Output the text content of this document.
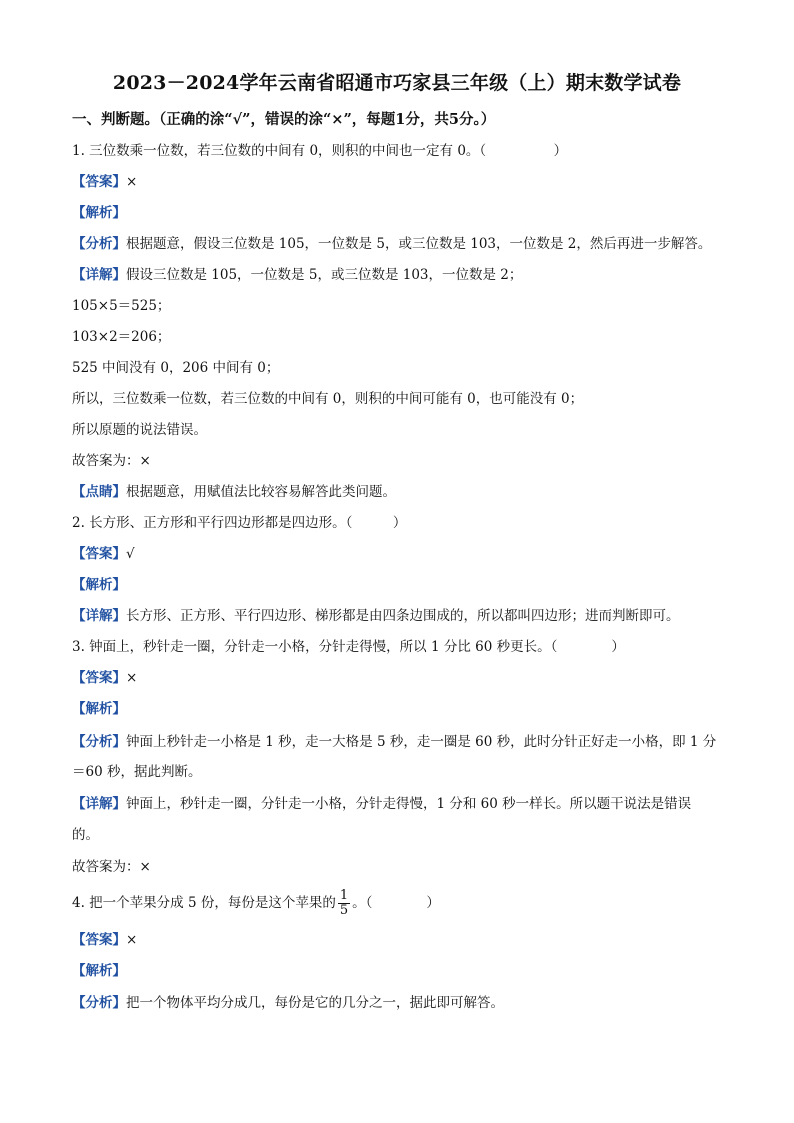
2023－2024学年云南省昭通市巧家县三年级（上）期末数学试卷
一、判断题。（正确的涂“√”，错误的涂“×”，每题1分，共5分。）
1. 三位数乘一位数，若三位数的中间有 0，则积的中间也一定有 0。（　　　　　）
【答案】×
【解析】
【分析】根据题意，假设三位数是 105，一位数是 5，或三位数是 103，一位数是 2，然后再进一步解答。
【详解】假设三位数是 105，一位数是 5，或三位数是 103，一位数是 2；
105×5＝525；
103×2＝206；
525 中间没有 0，206 中间有 0；
所以，三位数乘一位数，若三位数的中间有 0，则积的中间可能有 0，也可能没有 0；
所以原题的说法错误。
故答案为：×
【点睛】根据题意，用赋值法比较容易解答此类问题。
2. 长方形、正方形和平行四边形都是四边形。（　　　）
【答案】√
【解析】
【详解】长方形、正方形、平行四边形、梯形都是由四条边围成的，所以都叫四边形；进而判断即可。
3. 钟面上，秒针走一圈，分针走一小格，分针走得慢，所以 1 分比 60 秒更长。（　　　　）
【答案】×
【解析】
【分析】钟面上秒针走一小格是 1 秒，走一大格是 5 秒，走一圈是 60 秒，此时分针正好走一小格，即 1 分
＝60 秒，据此判断。
【详解】钟面上，秒针走一圈，分针走一小格，分针走得慢，1 分和 60 秒一样长。所以题干说法是错误
的。
故答案为：×
4. 把一个苹果分成 5 份，每份是这个苹果的 $\frac{1}{5}$ 。（　　　　）
【答案】×
【解析】
【分析】把一个物体平均分成几，每份是它的几分之一，据此即可解答。
